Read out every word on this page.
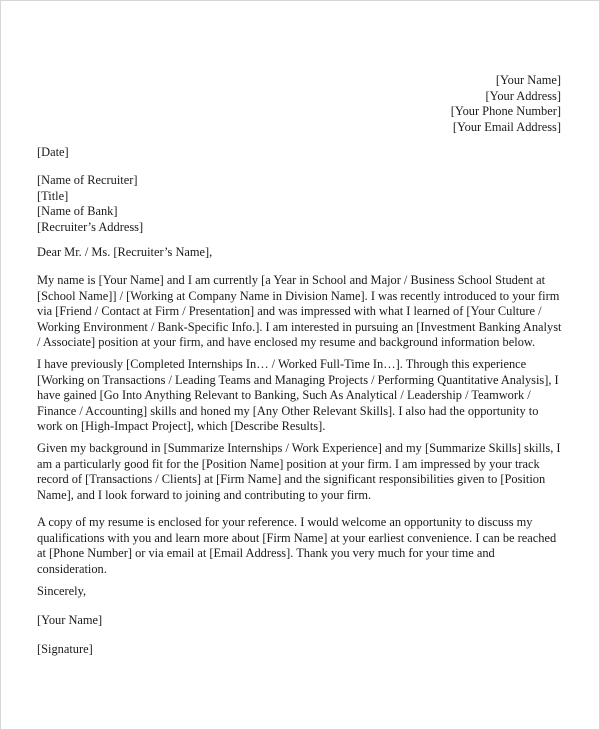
[Your Name]
[Your Address]
[Your Phone Number]
[Your Email Address]
[Date]
[Name of Recruiter]
[Title]
[Name of Bank]
[Recruiter’s Address]
Dear Mr. / Ms. [Recruiter’s Name],
My name is [Your Name] and I am currently [a Year in School and Major / Business School Student at
[School Name]] / [Working at Company Name in Division Name]. I was recently introduced to your firm
via [Friend / Contact at Firm / Presentation] and was impressed with what I learned of [Your Culture /
Working Environment / Bank-Specific Info.]. I am interested in pursuing an [Investment Banking Analyst
/ Associate] position at your firm, and have enclosed my resume and background information below.
I have previously [Completed Internships In… / Worked Full-Time In…]. Through this experience
[Working on Transactions / Leading Teams and Managing Projects / Performing Quantitative Analysis], I
have gained [Go Into Anything Relevant to Banking, Such As Analytical / Leadership / Teamwork /
Finance / Accounting] skills and honed my [Any Other Relevant Skills]. I also had the opportunity to
work on [High-Impact Project], which [Describe Results].
Given my background in [Summarize Internships / Work Experience] and my [Summarize Skills] skills, I
am a particularly good fit for the [Position Name] position at your firm. I am impressed by your track
record of [Transactions / Clients] at [Firm Name] and the significant responsibilities given to [Position
Name], and I look forward to joining and contributing to your firm.
A copy of my resume is enclosed for your reference. I would welcome an opportunity to discuss my
qualifications with you and learn more about [Firm Name] at your earliest convenience. I can be reached
at [Phone Number] or via email at [Email Address]. Thank you very much for your time and
consideration.
Sincerely,
[Your Name]
[Signature]
